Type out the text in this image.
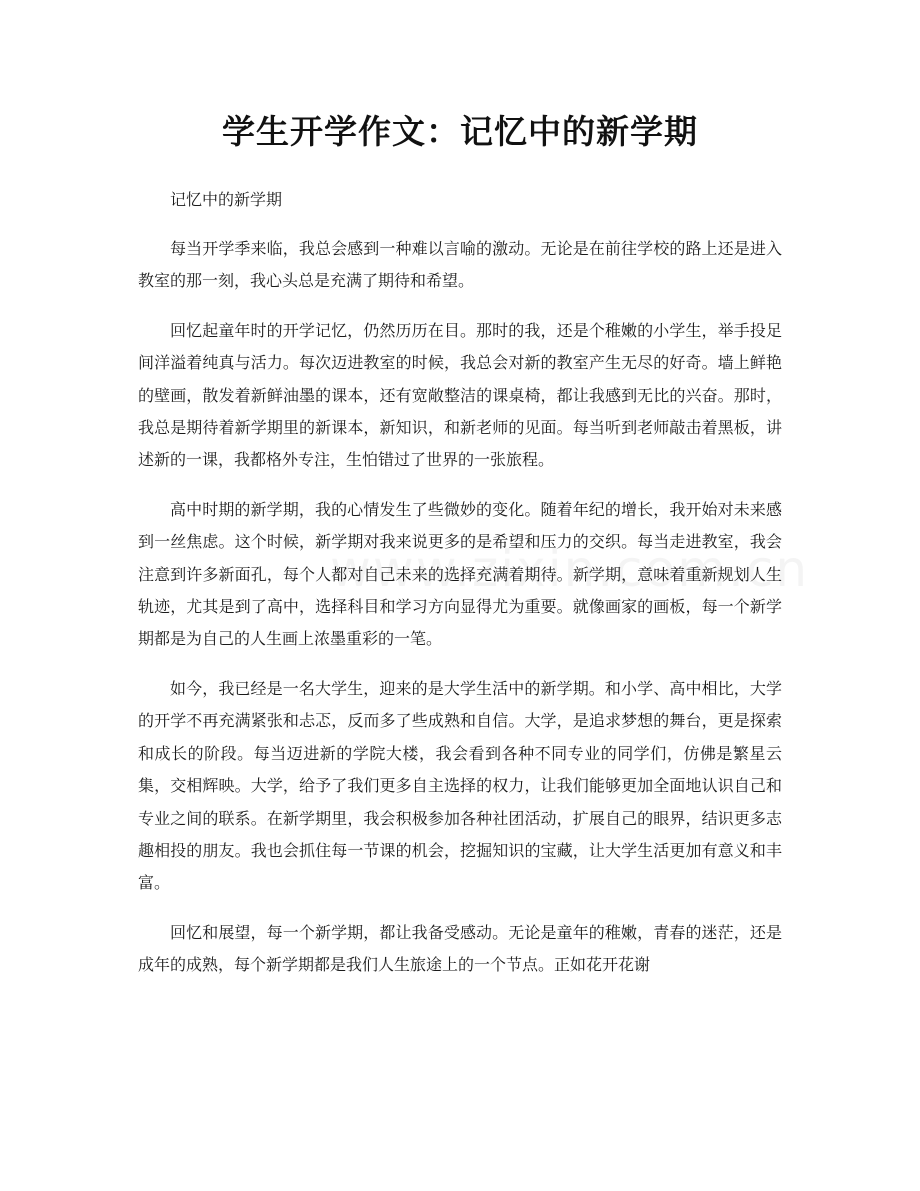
学生开学作文：记忆中的新学期

记忆中的新学期

每当开学季来临，我总会感到一种难以言喻的激动。无论是在前往学校的路上还是进入教室的那一刻，我心头总是充满了期待和希望。

回忆起童年时的开学记忆，仍然历历在目。那时的我，还是个稚嫩的小学生，举手投足间洋溢着纯真与活力。每次迈进教室的时候，我总会对新的教室产生无尽的好奇。墙上鲜艳的壁画，散发着新鲜油墨的课本，还有宽敞整洁的课桌椅，都让我感到无比的兴奋。那时，我总是期待着新学期里的新课本，新知识，和新老师的见面。每当听到老师敲击着黑板，讲述新的一课，我都格外专注，生怕错过了世界的一张旅程。

高中时期的新学期，我的心情发生了些微妙的变化。随着年纪的增长，我开始对未来感到一丝焦虑。这个时候，新学期对我来说更多的是希望和压力的交织。每当走进教室，我会注意到许多新面孔，每个人都对自己未来的选择充满着期待。新学期，意味着重新规划人生轨迹，尤其是到了高中，选择科目和学习方向显得尤为重要。就像画家的画板，每一个新学期都是为自己的人生画上浓墨重彩的一笔。

如今，我已经是一名大学生，迎来的是大学生活中的新学期。和小学、高中相比，大学的开学不再充满紧张和忐忑，反而多了些成熟和自信。大学，是追求梦想的舞台，更是探索和成长的阶段。每当迈进新的学院大楼，我会看到各种不同专业的同学们，仿佛是繁星云集，交相辉映。大学，给予了我们更多自主选择的权力，让我们能够更加全面地认识自己和专业之间的联系。在新学期里，我会积极参加各种社团活动，扩展自己的眼界，结识更多志趣相投的朋友。我也会抓住每一节课的机会，挖掘知识的宝藏，让大学生活更加有意义和丰富。

回忆和展望，每一个新学期，都让我备受感动。无论是童年的稚嫩，青春的迷茫，还是成年的成熟，每个新学期都是我们人生旅途上的一个节点。正如花开花谢
